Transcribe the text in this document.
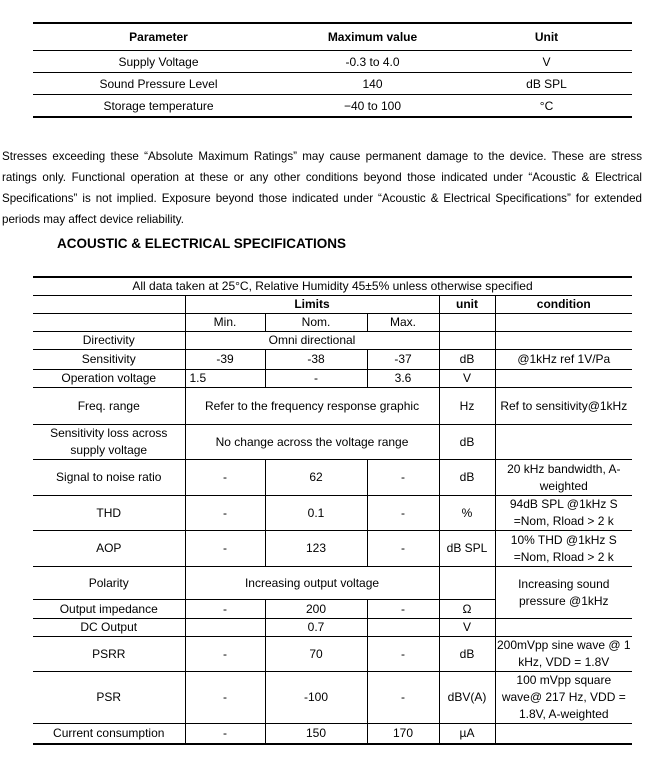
Parameter	Maximum value	Unit
Supply Voltage	-0.3 to 4.0	V
Sound Pressure Level	140	dB SPL
Storage temperature	−40 to 100	°C

Stresses exceeding these “Absolute Maximum Ratings” may cause permanent damage to the device. These are stress ratings only. Functional operation at these or any other conditions beyond those indicated under “Acoustic & Electrical Specifications” is not implied. Exposure beyond those indicated under “Acoustic & Electrical Specifications” for extended periods may affect device reliability.

ACOUSTIC & ELECTRICAL SPECIFICATIONS
All data taken at 25°C, Relative Humidity 45±5% unless otherwise specified					
	Limits			unit	condition
	Min.	Nom.	Max.		
Directivity	Omni directional				
Sensitivity	-39	-38	-37	dB	@1kHz ref 1V/Pa
Operation voltage	1.5	-	3.6	V	
Freq. range	Refer to the frequency response graphic			Hz	Ref to sensitivity@1kHz
Sensitivity loss across supply voltage	No change across the voltage range			dB	
Signal to noise ratio	-	62	-	dB	20 kHz bandwidth, A-weighted
THD	-	0.1	-	%	94dB SPL @1kHz S =Nom, Rload > 2 k
AOP	-	123	-	dB SPL	10% THD @1kHz S =Nom, Rload > 2 k
Polarity	Increasing output voltage				Increasing sound pressure @1kHz
Output impedance	-	200	-	Ω	
DC Output		0.7		V	
PSRR	-	70	-	dB	200mVpp sine wave @ 1 kHz, VDD = 1.8V
PSR	-	-100	-	dBV(A)	100 mVpp square wave@ 217 Hz, VDD = 1.8V, A-weighted
Current consumption	-	150	170	µA	
